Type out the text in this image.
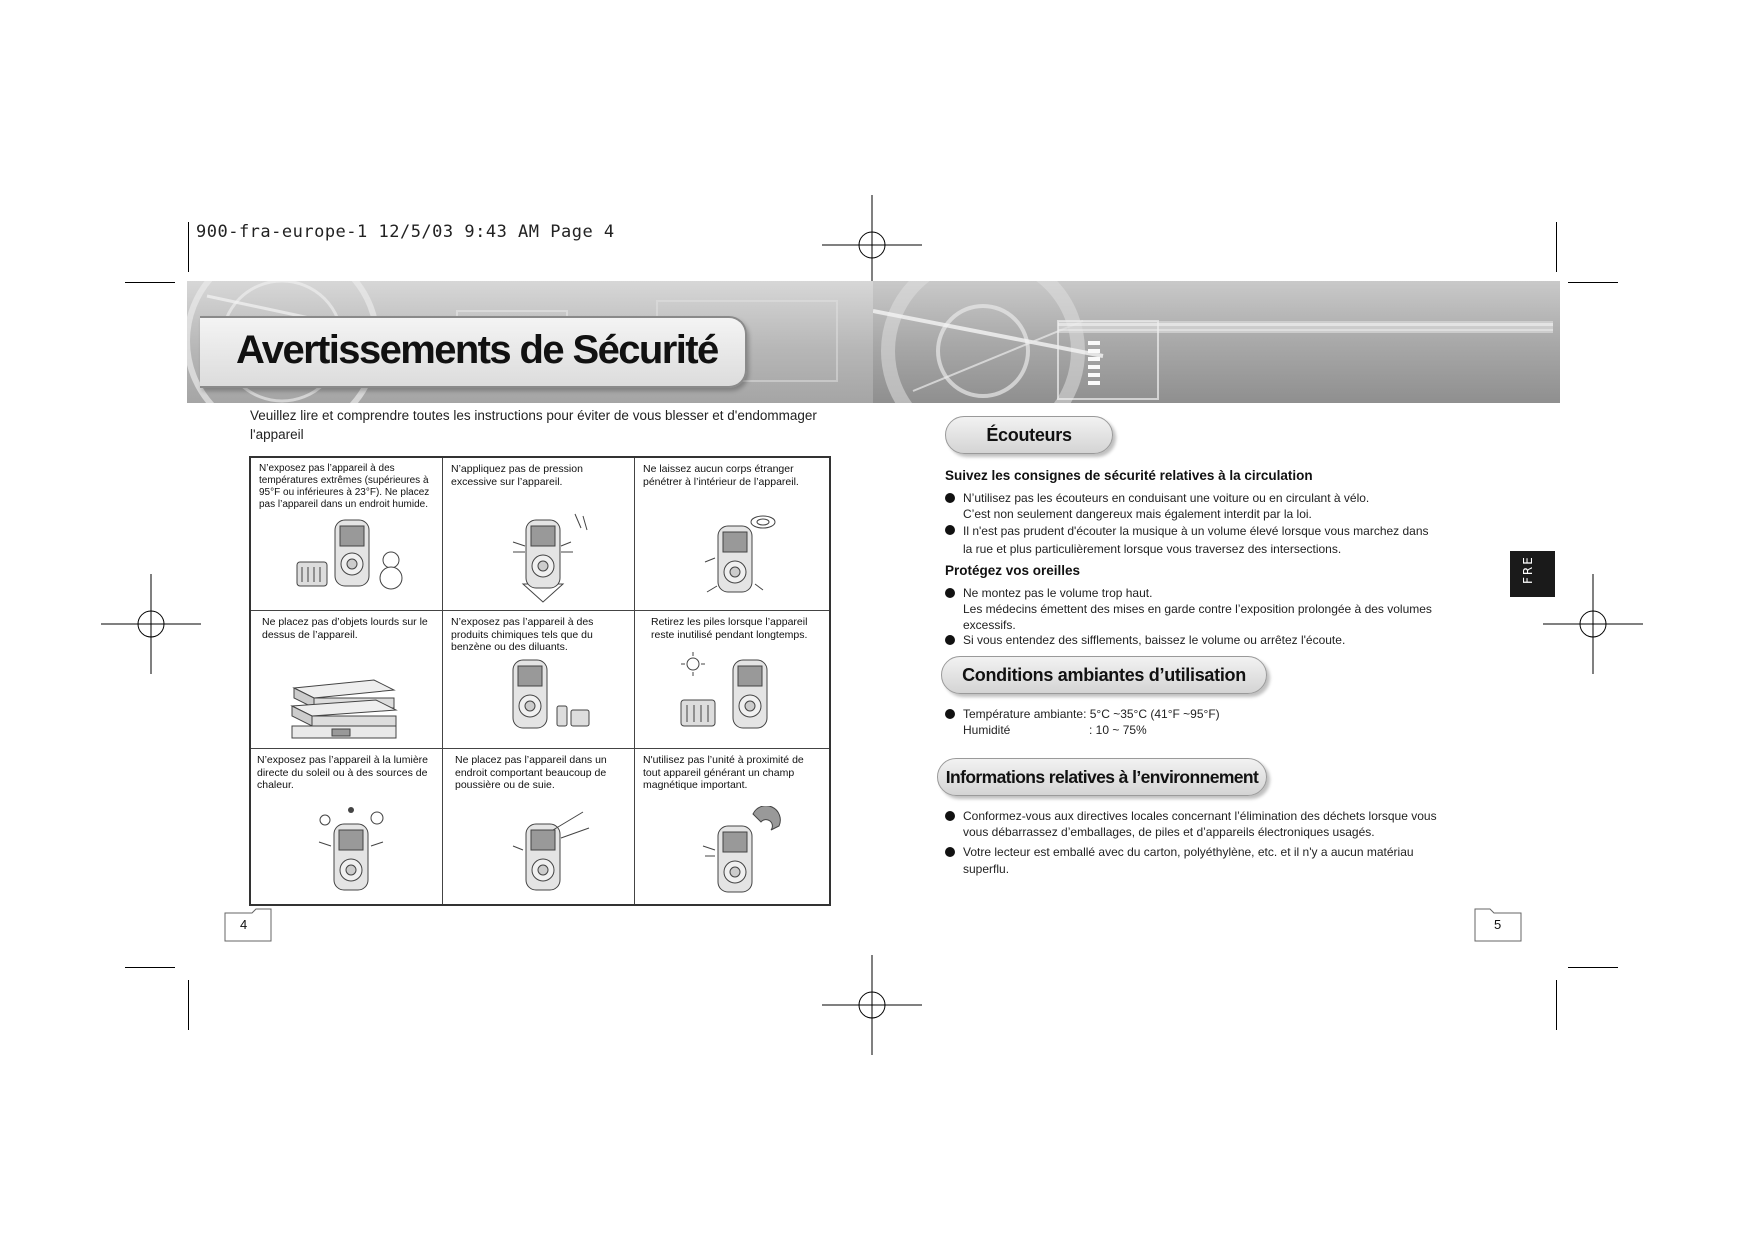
900-fra-europe-1 12/5/03 9:43 AM Page 4
Avertissements de Sécurité

Veuillez lire et comprendre toutes les instructions pour éviter de vous blesser et d'endommager
l'appareil

N’exposez pas l’appareil à des températures extrêmes (supérieures à 95°F ou inférieures à 23°F). Ne placez pas l’appareil dans un endroit humide.
N’appliquez pas de pression excessive sur l’appareil.
Ne laissez aucun corps étranger pénétrer à l’intérieur de l’appareil.
Ne placez pas d’objets lourds sur le dessus de l’appareil.
N’exposez pas l’appareil à des produits chimiques tels que du benzène ou des diluants.
Retirez les piles lorsque l’appareil reste inutilisé pendant longtemps.
N’exposez pas l’appareil à la lumière directe du soleil ou à des sources de chaleur.
Ne placez pas l’appareil dans un endroit comportant beaucoup de poussière ou de suie.
N'utilisez pas l’unité à proximité de tout appareil générant un champ magnétique important.
4	5
FRE
Écouteurs
Suivez les consignes de sécurité relatives à la circulation
N’utilisez pas les écouteurs en conduisant une voiture ou en circulant à vélo.
C’est non seulement dangereux mais également interdit par la loi.
Il n'est pas prudent d'écouter la musique à un volume élevé lorsque vous marchez dans
la rue et plus particulièrement lorsque vous traversez des intersections.
Protégez vos oreilles
Ne montez pas le volume trop haut.
Les médecins émettent des mises en garde contre l’exposition prolongée à des volumes
excessifs.
Si vous entendez des sifflements, baissez le volume ou arrêtez l'écoute.
Conditions ambiantes d’utilisation
Température ambiante: 5°C ~35°C (41°F ~95°F)
Humidité	: 10 ~ 75%
Informations relatives à l’environnement
Conformez-vous aux directives locales concernant l’élimination des déchets lorsque vous
vous débarrassez d’emballages, de piles et d’appareils électroniques usagés.
Votre lecteur est emballé avec du carton, polyéthylène, etc. et il n'y a aucun matériau
superflu.
